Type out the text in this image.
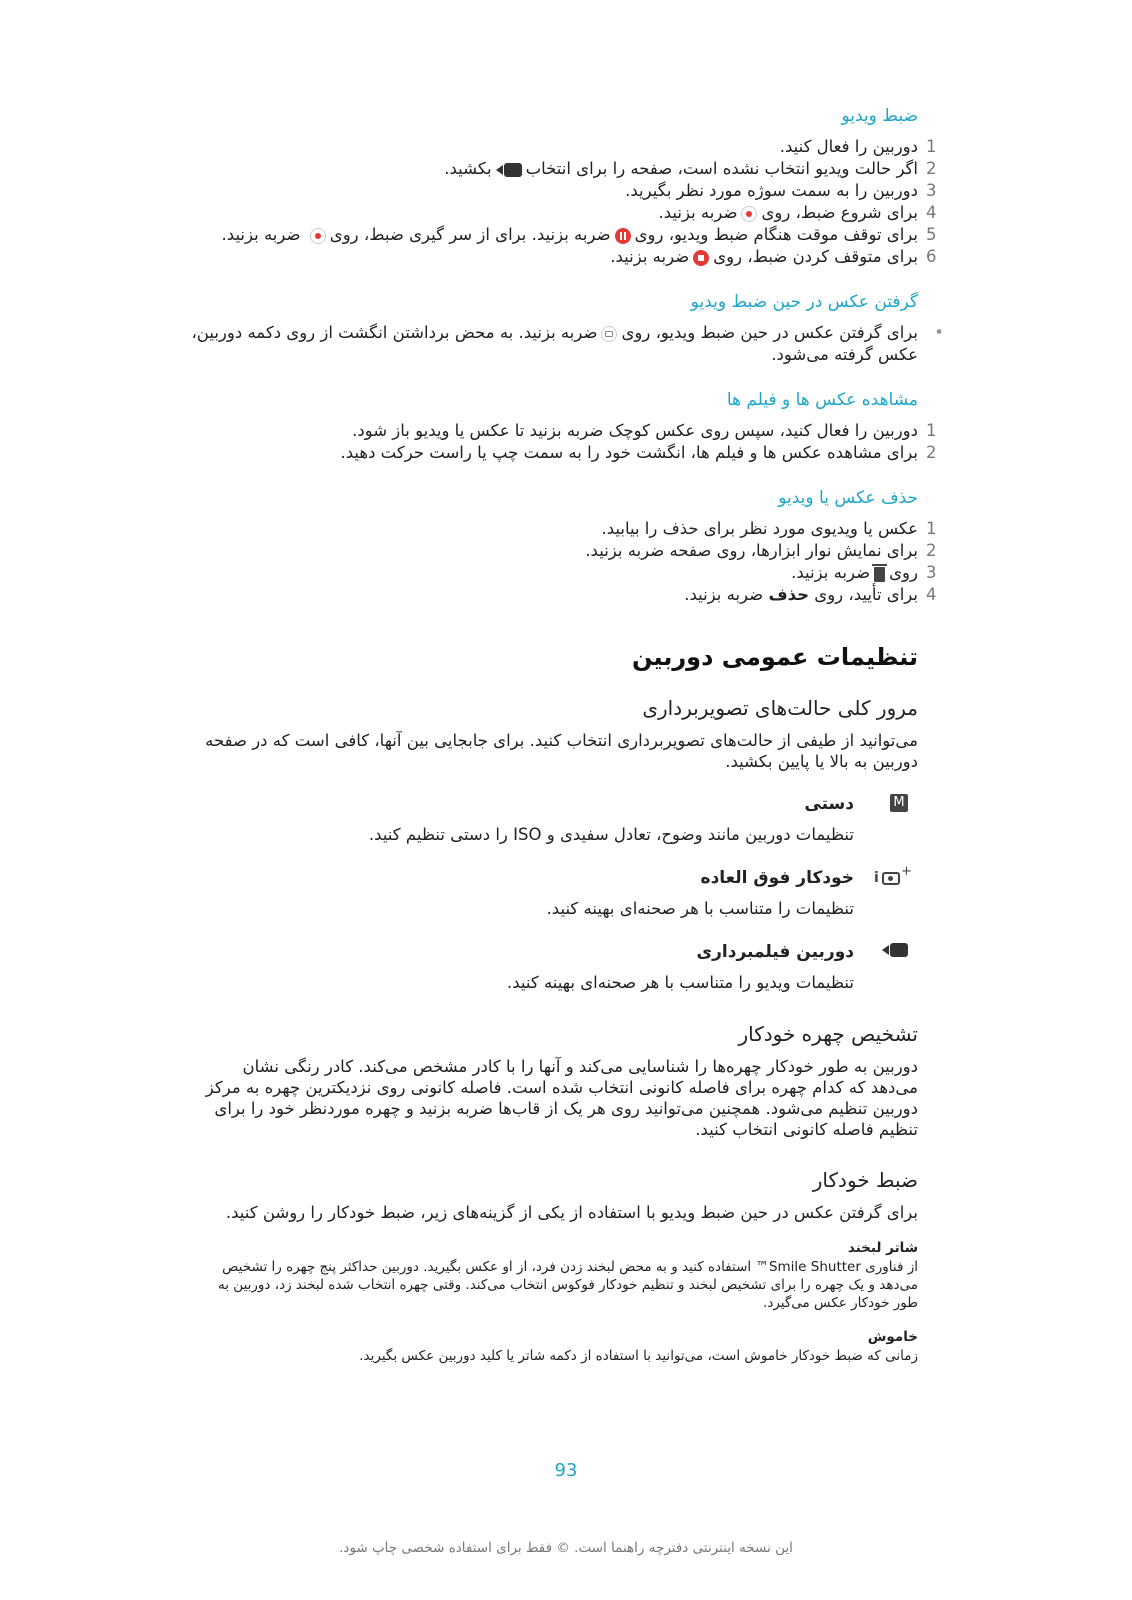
ضبط ویدیو
1
دوربین را فعال کنید.
2
اگر حالت ویدیو انتخاب نشده است، صفحه را برای انتخاب
بکشید.
3
دوربین را به سمت سوژه مورد نظر بگیرید.
4
برای شروع ضبط، رویضربه بزنید.
5
برای توقف موقت هنگام ضبط ویدیو، رویضربه بزنید. برای از سر گیری ضبط، روی ضربه بزنید.
6
برای متوقف کردن ضبط، رویضربه بزنید.
گرفتن عکس در حین ضبط ویدیو
•
برای گرفتن عکس در حین ضبط ویدیو، رویضربه بزنید. به محض برداشتن انگشت از روی دکمه دوربین، عکس گرفته می‌شود.
مشاهده عکس ها و فیلم ها
1
دوربین را فعال کنید، سپس روی عکس کوچک ضربه بزنید تا عکس یا ویدیو باز شود.
2
برای مشاهده عکس ها و فیلم ها، انگشت خود را به سمت چپ یا راست حرکت دهید.
حذف عکس یا ویدیو
1
عکس یا ویدیوی مورد نظر برای حذف را بیابید.
2
برای نمایش نوار ابزارها، روی صفحه ضربه بزنید.
3
رویضربه بزنید.
4
برای تأیید، روی حذف ضربه بزنید.
تنظیمات عمومی دوربین
مرور کلی حالت‌های تصویربرداری

می‌توانید از طیفی از حالت‌های تصویربرداری انتخاب کنید. برای جابجایی بین آنها، کافی است که در صفحه دوربین به بالا یا پایین بکشید.

M
دستی
تنظیمات دوربین مانند وضوح، تعادل سفیدی و ISO را دستی تنظیم کنید.
i +
خودکار فوق العاده
تنظیمات را متناسب با هر صحنه‌ای بهینه کنید.
دوربین فیلمبرداری
تنظیمات ویدیو را متناسب با هر صحنه‌ای بهینه کنید.
تشخیص چهره خودکار

دوربین به طور خودکار چهره‌ها را شناسایی می‌کند و آنها را با کادر مشخص می‌کند. کادر رنگی نشان می‌دهد که کدام چهره برای فاصله کانونی انتخاب شده است. فاصله کانونی روی نزدیکترین چهره به مرکز دوربین تنظیم می‌شود. همچنین می‌توانید روی هر یک از قاب‌ها ضربه بزنید و چهره موردنظر خود را برای تنظیم فاصله کانونی انتخاب کنید.

ضبط خودکار

برای گرفتن عکس در حین ضبط ویدیو با استفاده از یکی از گزینه‌های زیر، ضبط خودکار را روشن کنید.

شاتر لبخند

از فناوری Smile Shutter™ استفاده کنید و به محض لبخند زدن فرد، از او عکس بگیرید. دوربین حداکثر پنج چهره را تشخیص می‌دهد و یک چهره را برای تشخیص لبخند و تنظیم خودکار فوکوس انتخاب می‌کند. وقتی چهره انتخاب شده لبخند زد، دوربین به طور خودکار عکس می‌گیرد.

خاموش

زمانی که ضبط خودکار خاموش است، می‌توانید با استفاده از دکمه شاتر یا کلید دوربین عکس بگیرید.

93
این نسخه اینترنتی دفترچه راهنما است. © فقط برای استفاده شخصی چاپ شود.
